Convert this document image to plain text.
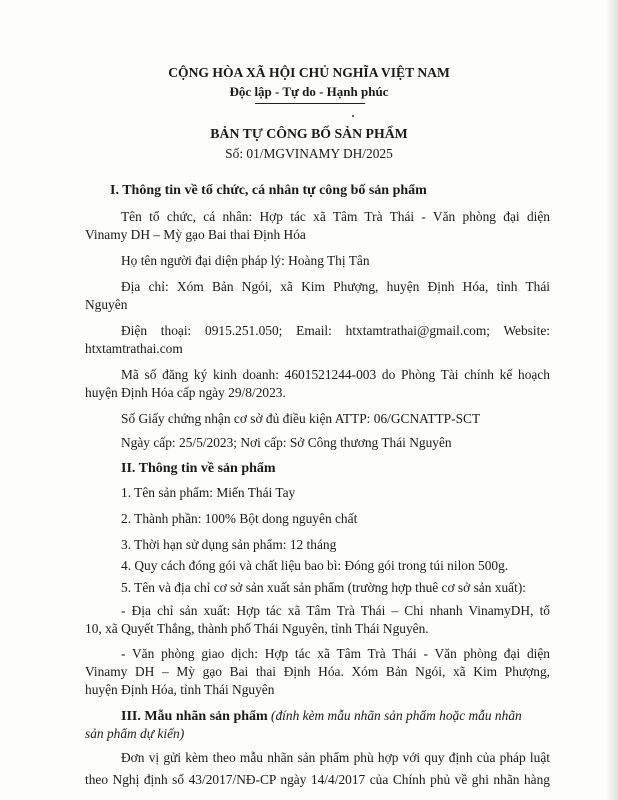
CỘNG HÒA XÃ HỘI CHỦ NGHĨA VIỆT NAM
Độc lập - Tự do - Hạnh phúc
BẢN TỰ CÔNG BỐ SẢN PHẨM
Số: 01/MGVINAMY DH/2025
I. Thông tin về tổ chức, cá nhân tự công bố sản phẩm
Tên tổ chức, cá nhân: Hợp tác xã Tâm Trà Thái - Văn phòng đại diện
Vinamy DH – Mỳ gạo Bai thai Định Hóa
Họ tên người đại diện pháp lý: Hoàng Thị Tân
Địa chỉ: Xóm Bản Ngói, xã Kim Phượng, huyện Định Hóa, tỉnh Thái
Nguyên
Điện thoại: 0915.251.050; Email: htxtamtrathai@gmail.com; Website:
htxtamtrathai.com
Mã số đăng ký kinh doanh: 4601521244-003 do Phòng Tài chính kế hoạch
huyện Định Hóa cấp ngày 29/8/2023.
Số Giấy chứng nhận cơ sở đủ điều kiện ATTP: 06/GCNATTP-SCT
Ngày cấp: 25/5/2023; Nơi cấp: Sở Công thương Thái Nguyên
II. Thông tin về sản phẩm
1. Tên sản phẩm: Miến Thái Tay
2. Thành phần: 100% Bột dong nguyên chất
3. Thời hạn sử dụng sản phẩm: 12 tháng
4. Quy cách đóng gói và chất liệu bao bì: Đóng gói trong túi nilon 500g.
5. Tên và địa chỉ cơ sở sản xuất sản phẩm (trường hợp thuê cơ sở sản xuất):
- Địa chỉ sản xuất: Hợp tác xã Tâm Trà Thái – Chi nhanh VinamyDH, tổ
10, xã Quyết Thắng, thành phố Thái Nguyên, tỉnh Thái Nguyên.
- Văn phòng giao dịch: Hợp tác xã Tâm Trà Thái - Văn phòng đại diện
Vinamy DH – Mỳ gạo Bai thai Định Hóa. Xóm Bản Ngói, xã Kim Phượng,
huyện Định Hóa, tỉnh Thái Nguyên
III. Mẫu nhãn sản phẩm (đính kèm mẫu nhãn sản phẩm hoặc mẫu nhãn
sản phẩm dự kiến)
Đơn vị gửi kèm theo mẫu nhãn sản phẩm phù hợp với quy định của pháp luật
theo Nghị định số 43/2017/NĐ-CP ngày 14/4/2017 của Chính phủ về ghi nhãn hàng
